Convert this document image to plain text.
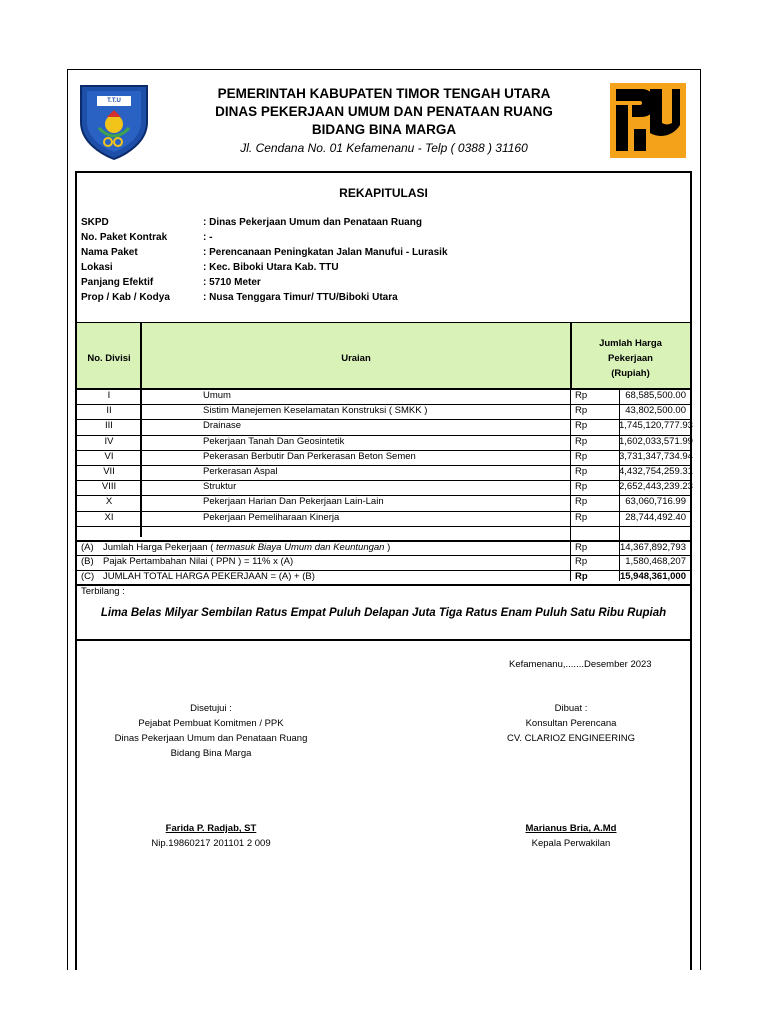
T.T.U	PEMERINTAH KABUPATEN TIMOR TENGAH UTARA
DINAS PEKERJAAN UMUM DAN PENATAAN RUANG
BIDANG BINA MARGA
Jl. Cendana No. 01 Kefamenanu - Telp ( 0388 ) 31160
REKAPITULASI
SKPD	: Dinas Pekerjaan Umum dan Penataan Ruang
No. Paket Kontrak	: -
Nama Paket	: Perencanaan Peningkatan Jalan Manufui - Lurasik
Lokasi	: Kec. Biboki Utara Kab. TTU
Panjang Efektif	: 5710 Meter
Prop / Kab / Kodya	: Nusa Tenggara Timur/ TTU/Biboki Utara
No. Divisi	Uraian
Jumlah Harga
Pekerjaan
(Rupiah)
I	Umum	Rp	68,585,500.00
II	Sistim Manejemen Keselamatan Konstruksi ( SMKK )	Rp	43,802,500.00
III	Drainase	Rp	1,745,120,777.93
IV	Pekerjaan Tanah Dan Geosintetik	Rp	1,602,033,571.99
VI	Pekerasan Berbutir Dan Perkerasan Beton Semen	Rp	3,731,347,734.94
VII	Perkerasan Aspal	Rp	4,432,754,259.31
VIII	Struktur	Rp	2,652,443,239.23
X	Pekerjaan Harian Dan Pekerjaan Lain-Lain	Rp	63,060,716.99
XI	Pekerjaan Pemeliharaan Kinerja	Rp	28,744,492.40
(A) Jumlah Harga Pekerjaan ( termasuk Biaya Umum dan Keuntungan )	Rp	14,367,892,793
(B) Pajak Pertambahan Nilai ( PPN ) = 11% x (A)	Rp	1,580,468,207
(C) JUMLAH TOTAL HARGA PEKERJAAN = (A) + (B)	Rp	15,948,361,000
Terbilang :
Lima Belas Milyar Sembilan Ratus Empat Puluh Delapan Juta Tiga Ratus Enam Puluh Satu Ribu Rupiah
Kefamenanu,.......Desember 2023
Disetujui :
Pejabat Pembuat Komitmen / PPK
Dinas Pekerjaan Umum dan Penataan Ruang
Bidang Bina Marga
Farida P. Radjab, ST
Nip.19860217 201101 2 009
Dibuat :
Konsultan Perencana
CV. CLARIOZ ENGINEERING
Marianus Bria, A.Md
Kepala Perwakilan
